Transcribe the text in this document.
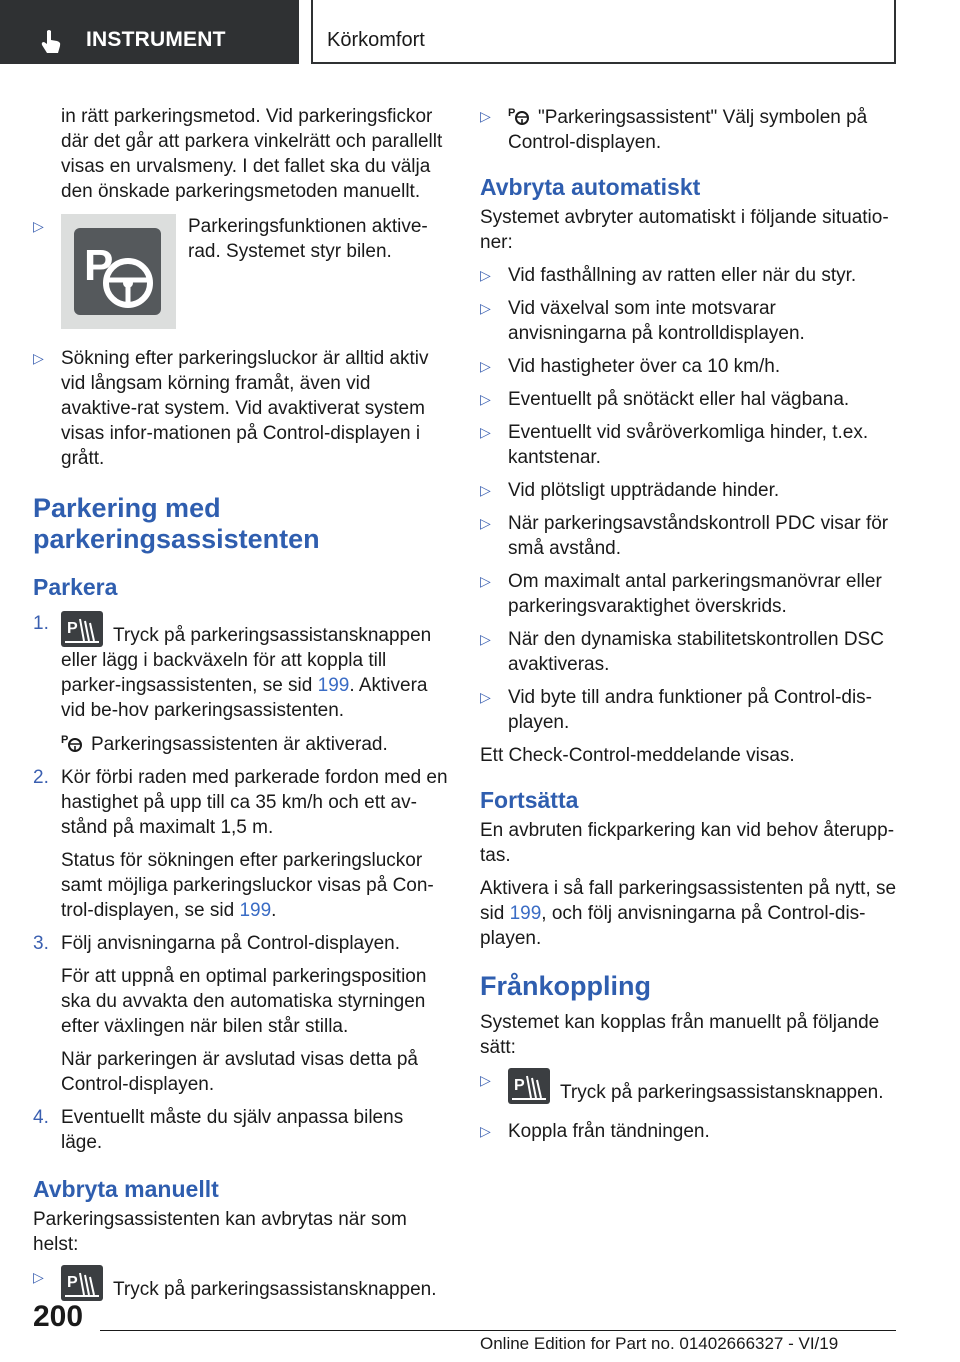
INSTRUMENT	Körkomfort

in rätt parkeringsmetod. Vid parkeringsfickor där det går att parkera vinkelrätt och parallellt visas en urvalsmeny. I det fallet ska du välja den önskade parkeringsmetoden manuellt.

▷
P
Parkeringsfunktionen aktive-rad. Systemet styr bilen.
▷ Sökning efter parkeringsluckor är alltid aktiv vid långsam körning framåt, även vid avaktive-rat system. Vid avaktiverat system visas infor-mationen på Control-displayen i grått.
Parkering med parkeringsassistenten
Parkera
1. P Tryck på parkeringsassistansknappen eller lägg i backväxeln för att koppla till parker-ingsassistenten, se sid 199. Aktivera vid be-hov parkeringsassistenten.

P Parkeringsassistenten är aktiverad.

2. Kör förbi raden med parkerade fordon med en hastighet på upp till ca 35 km/h och ett av-stånd på maximalt 1,5 m.

Status för sökningen efter parkeringsluckor samt möjliga parkeringsluckor visas på Con-trol-displayen, se sid 199.

3. Följ anvisningarna på Control-displayen.

För att uppnå en optimal parkeringsposition ska du avvakta den automatiska styrningen efter växlingen när bilen står stilla.

När parkeringen är avslutad visas detta på Control-displayen.

4. Eventuellt måste du själv anpassa bilens läge.
Avbryta manuellt

Parkeringsassistenten kan avbrytas när som helst:

▷	P Tryck på parkeringsassistansknappen.
▷	P "Parkeringsassistent" Välj symbolen på Control-displayen.
Avbryta automatiskt

Systemet avbryter automatiskt i följande situatio-ner:

▷ Vid fasthållning av ratten eller när du styr.
▷ Vid växelval som inte motsvarar anvisningarna på kontrolldisplayen.
▷ Vid hastigheter över ca 10 km/h.
▷ Eventuellt på snötäckt eller hal vägbana.
▷ Eventuellt vid svåröverkomliga hinder, t.ex. kantstenar.
▷ Vid plötsligt uppträdande hinder.
▷ När parkeringsavståndskontroll PDC visar för små avstånd.
▷ Om maximalt antal parkeringsmanövrar eller parkeringsvaraktighet överskrids.
▷ När den dynamiska stabilitetskontrollen DSC avaktiveras.
▷ Vid byte till andra funktioner på Control-dis-playen.

Ett Check-Control-meddelande visas.

Fortsätta

En avbruten fickparkering kan vid behov återupp-tas.

Aktivera i så fall parkeringsassistenten på nytt, se sid 199, och följ anvisningarna på Control-dis-playen.

Frånkoppling

Systemet kan kopplas från manuellt på följande sätt:

▷	P Tryck på parkeringsassistansknappen.
▷ Koppla från tändningen.
200
Online Edition for Part no. 01402666327 - VI/19
